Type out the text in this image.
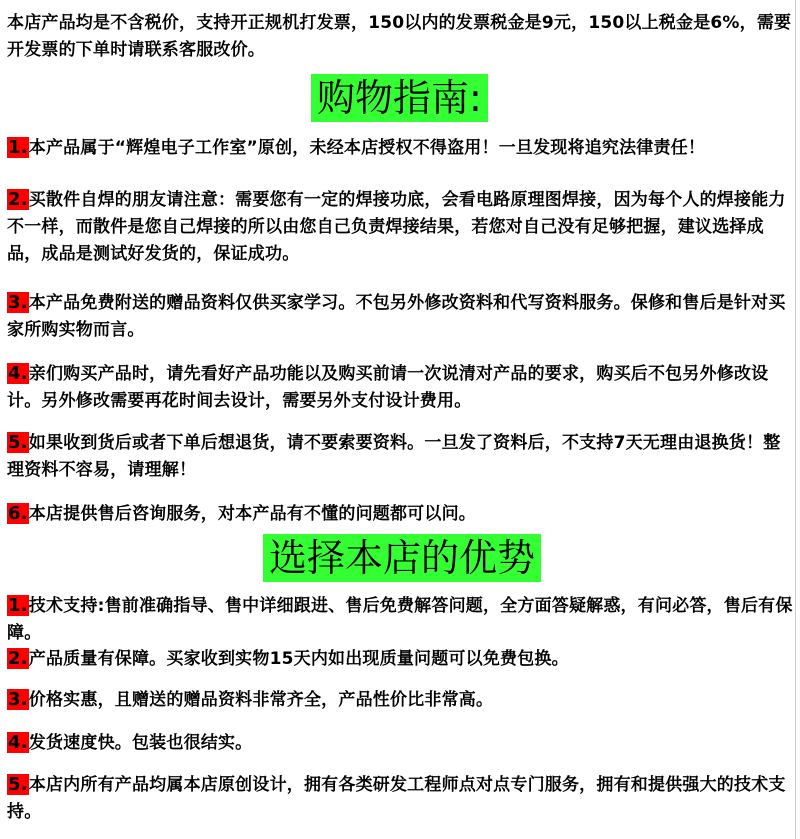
本店产品均是不含税价，支持开正规机打发票，150以内的发票税金是9元，150以上税金是6%，需要开发票的下单时请联系客服改价。
购物指南:
1.本产品属于“辉煌电子工作室”原创，未经本店授权不得盗用！一旦发现将追究法律责任！
2.买散件自焊的朋友请注意：需要您有一定的焊接功底，会看电路原理图焊接，因为每个人的焊接能力不一样，而散件是您自己焊接的所以由您自己负责焊接结果，若您对自己没有足够把握，建议选择成品，成品是测试好发货的，保证成功。
3.本产品免费附送的赠品资料仅供买家学习。不包另外修改资料和代写资料服务。保修和售后是针对买家所购实物而言。
4.亲们购买产品时，请先看好产品功能以及购买前请一次说清对产品的要求，购买后不包另外修改设计。另外修改需要再花时间去设计，需要另外支付设计费用。
5.如果收到货后或者下单后想退货，请不要索要资料。一旦发了资料后，不支持7天无理由退换货！整理资料不容易，请理解！
6.本店提供售后咨询服务，对本产品有不懂的问题都可以问。
选择本店的优势
1.技术支持:售前准确指导、售中详细跟进、售后免费解答问题，全方面答疑解惑，有问必答，售后有保障。
2.产品质量有保障。买家收到实物15天内如出现质量问题可以免费包换。
3.价格实惠，且赠送的赠品资料非常齐全，产品性价比非常高。
4.发货速度快。包装也很结实。
5.本店内所有产品均属本店原创设计，拥有各类研发工程师点对点专门服务，拥有和提供强大的技术支持。
